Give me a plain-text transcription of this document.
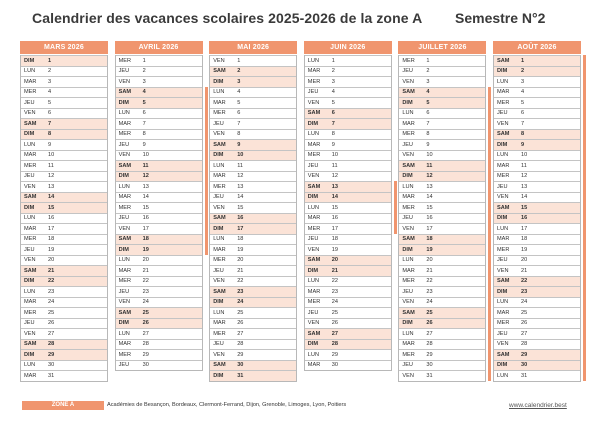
Calendrier des vacances scolaires 2025-2026 de la zone A Semestre N°2
MARS 2026
DIM	1
LUN	2
MAR	3
MER	4
JEU	5
VEN	6
SAM	7
DIM	8
LUN	9
MAR	10
MER	11
JEU	12
VEN	13
SAM	14
DIM	15
LUN	16
MAR	17
MER	18
JEU	19
VEN	20
SAM	21
DIM	22
LUN	23
MAR	24
MER	25
JEU	26
VEN	27
SAM	28
DIM	29
LUN	30
MAR	31
AVRIL 2026
MER	1
JEU	2
VEN	3
SAM	4
DIM	5
LUN	6
MAR	7
MER	8
JEU	9
VEN	10
SAM	11
DIM	12
LUN	13
MAR	14
MER	15
JEU	16
VEN	17
SAM	18
DIM	19
LUN	20
MAR	21
MER	22
JEU	23
VEN	24
SAM	25
DIM	26
LUN	27
MAR	28
MER	29
JEU	30
MAI 2026
VEN	1
SAM	2
DIM	3
LUN	4
MAR	5
MER	6
JEU	7
VEN	8
SAM	9
DIM	10
LUN	11
MAR	12
MER	13
JEU	14
VEN	15
SAM	16
DIM	17
LUN	18
MAR	19
MER	20
JEU	21
VEN	22
SAM	23
DIM	24
LUN	25
MAR	26
MER	27
JEU	28
VEN	29
SAM	30
DIM	31
JUIN 2026
LUN	1
MAR	2
MER	3
JEU	4
VEN	5
SAM	6
DIM	7
LUN	8
MAR	9
MER	10
JEU	11
VEN	12
SAM	13
DIM	14
LUN	15
MAR	16
MER	17
JEU	18
VEN	19
SAM	20
DIM	21
LUN	22
MAR	23
MER	24
JEU	25
VEN	26
SAM	27
DIM	28
LUN	29
MAR	30
JUILLET 2026
MER	1
JEU	2
VEN	3
SAM	4
DIM	5
LUN	6
MAR	7
MER	8
JEU	9
VEN	10
SAM	11
DIM	12
LUN	13
MAR	14
MER	15
JEU	16
VEN	17
SAM	18
DIM	19
LUN	20
MAR	21
MER	22
JEU	23
VEN	24
SAM	25
DIM	26
LUN	27
MAR	28
MER	29
JEU	30
VEN	31
AOÛT 2026
SAM	1
DIM	2
LUN	3
MAR	4
MER	5
JEU	6
VEN	7
SAM	8
DIM	9
LUN	10
MAR	11
MER	12
JEU	13
VEN	14
SAM	15
DIM	16
LUN	17
MAR	18
MER	19
JEU	20
VEN	21
SAM	22
DIM	23
LUN	24
MAR	25
MER	26
JEU	27
VEN	28
SAM	29
DIM	30
LUN	31
ZONE A	Académies de Besançon, Bordeaux, Clermont-Ferrand, Dijon, Grenoble, Limoges, Lyon, Poitiers	www.calendrier.best
